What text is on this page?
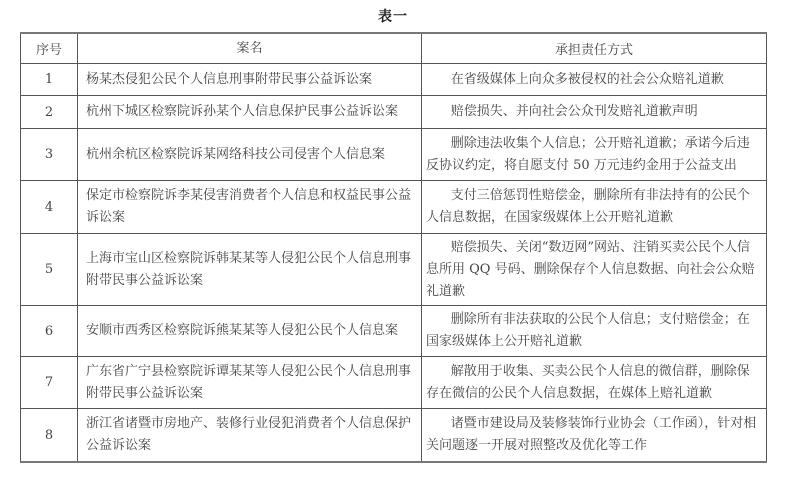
表一
序号	案名	承担责任方式
1	杨某杰侵犯公民个人信息刑事附带民事公益诉讼案	在省级媒体上向众多被侵权的社会公众赔礼道歉
2	杭州下城区检察院诉孙某个人信息保护民事公益诉讼案	赔偿损失、并向社会公众刊发赔礼道歉声明
3	杭州余杭区检察院诉某网络科技公司侵害个人信息案	删除违法收集个人信息；公开赔礼道歉；承诺今后违反协议约定，将自愿支付 50 万元违约金用于公益支出
4	保定市检察院诉李某侵害消费者个人信息和权益民事公益诉讼案	支付三倍惩罚性赔偿金，删除所有非法持有的公民个人信息数据，在国家级媒体上公开赔礼道歉
5	上海市宝山区检察院诉韩某某等人侵犯公民个人信息刑事附带民事公益诉讼案	赔偿损失、关闭“数迈网”网站、注销买卖公民个人信息所用 QQ 号码、删除保存个人信息数据、向社会公众赔礼道歉
6	安顺市西秀区检察院诉熊某某等人侵犯公民个人信息案	删除所有非法获取的公民个人信息；支付赔偿金；在国家级媒体上公开赔礼道歉
7	广东省广宁县检察院诉谭某某等人侵犯公民个人信息刑事附带民事公益诉讼案	解散用于收集、买卖公民个人信息的微信群，删除保存在微信的公民个人信息数据，在媒体上赔礼道歉
8	浙江省诸暨市房地产、装修行业侵犯消费者个人信息保护公益诉讼案	诸暨市建设局及装修装饰行业协会（工作函），针对相关问题逐一开展对照整改及优化等工作
